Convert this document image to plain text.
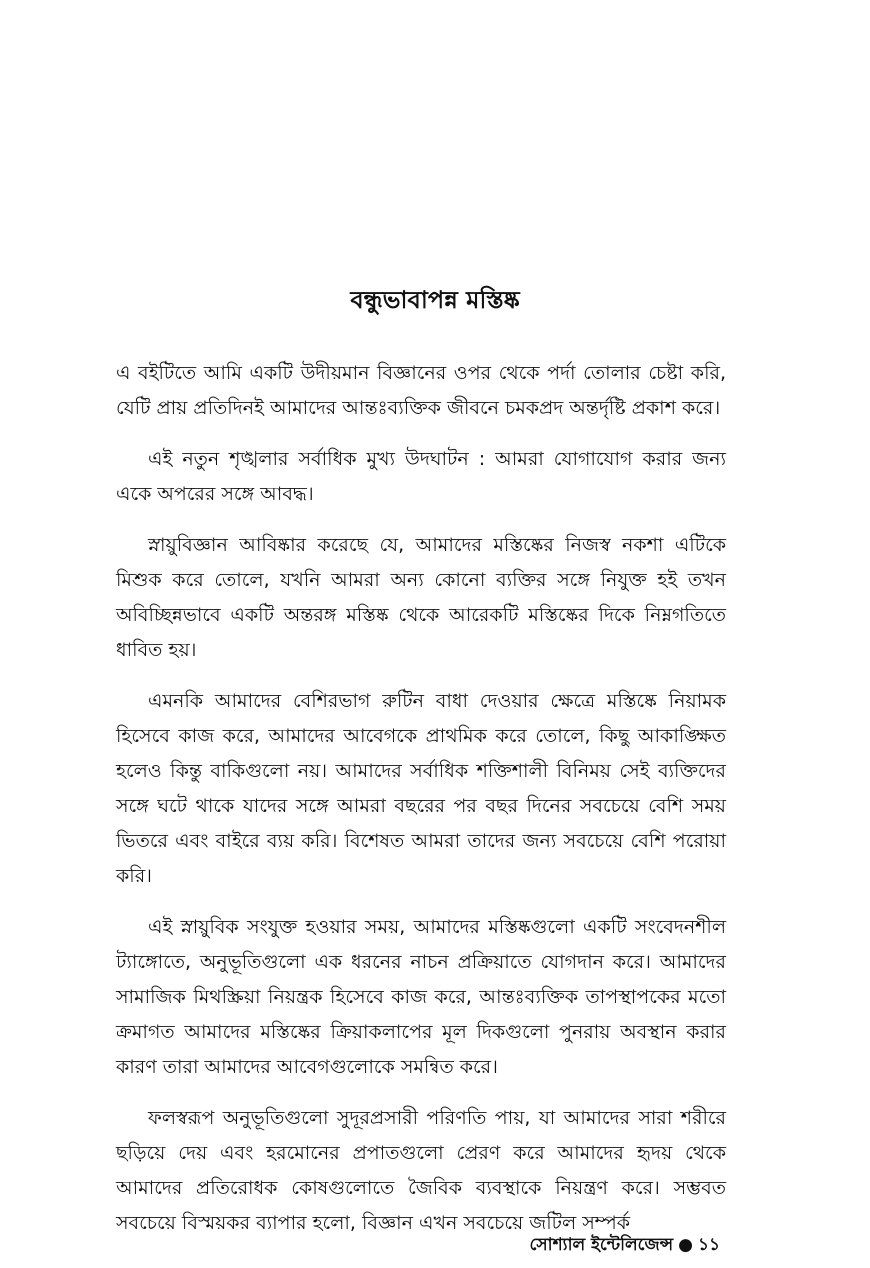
বন্ধুভাবাপন্ন মস্তিষ্ক

এ বইটিতে আমি একটি উদীয়মান বিজ্ঞানের ওপর থেকে পর্দা তোলার চেষ্টা করি, যেটি প্রায় প্রতিদিনই আমাদের আন্তঃব্যক্তিক জীবনে চমকপ্রদ অন্তর্দৃষ্টি প্রকাশ করে।

এই নতুন শৃঙ্খলার সর্বাধিক মুখ্য উদঘাটন : আমরা যোগাযোগ করার জন্য একে অপরের সঙ্গে আবদ্ধ।

স্নায়ুবিজ্ঞান আবিষ্কার করেছে যে, আমাদের মস্তিষ্কের নিজস্ব নকশা এটিকে মিশুক করে তোলে, যখনি আমরা অন্য কোনো ব্যক্তির সঙ্গে নিযুক্ত হই তখন অবিচ্ছিন্নভাবে একটি অন্তরঙ্গ মস্তিষ্ক থেকে আরেকটি মস্তিষ্কের দিকে নিম্নগতিতে ধাবিত হয়।

এমনকি আমাদের বেশিরভাগ রুটিন বাধা দেওয়ার ক্ষেত্রে মস্তিষ্কে নিয়ামক হিসেবে কাজ করে, আমাদের আবেগকে প্রাথমিক করে তোলে, কিছু আকাঙ্ক্ষিত হলেও কিন্তু বাকিগুলো নয়। আমাদের সর্বাধিক শক্তিশালী বিনিময় সেই ব্যক্তিদের সঙ্গে ঘটে থাকে যাদের সঙ্গে আমরা বছরের পর বছর দিনের সবচেয়ে বেশি সময় ভিতরে এবং বাইরে ব্যয় করি। বিশেষত আমরা তাদের জন্য সবচেয়ে বেশি পরোয়া করি।

এই স্নায়ুবিক সংযুক্ত হওয়ার সময়, আমাদের মস্তিষ্কগুলো একটি সংবেদনশীল ট্যাঙ্গোতে, অনুভূতিগুলো এক ধরনের নাচন প্রক্রিয়াতে যোগদান করে। আমাদের সামাজিক মিথস্ক্রিয়া নিয়ন্ত্রক হিসেবে কাজ করে, আন্তঃব্যক্তিক তাপস্থাপকের মতো ক্রমাগত আমাদের মস্তিষ্কের ক্রিয়াকলাপের মূল দিকগুলো পুনরায় অবস্থান করার কারণ তারা আমাদের আবেগগুলোকে সমন্বিত করে।

ফলস্বরূপ অনুভূতিগুলো সুদূরপ্রসারী পরিণতি পায়, যা আমাদের সারা শরীরে ছড়িয়ে দেয় এবং হরমোনের প্রপাতগুলো প্রেরণ করে আমাদের হৃদয় থেকে আমাদের প্রতিরোধক কোষগুলোতে জৈবিক ব্যবস্থাকে নিয়ন্ত্রণ করে। সম্ভবত সবচেয়ে বিস্ময়কর ব্যাপার হলো, বিজ্ঞান এখন সবচেয়ে জটিল সম্পর্ক

সোশ্যাল ইন্টেলিজেন্স ● ১১
